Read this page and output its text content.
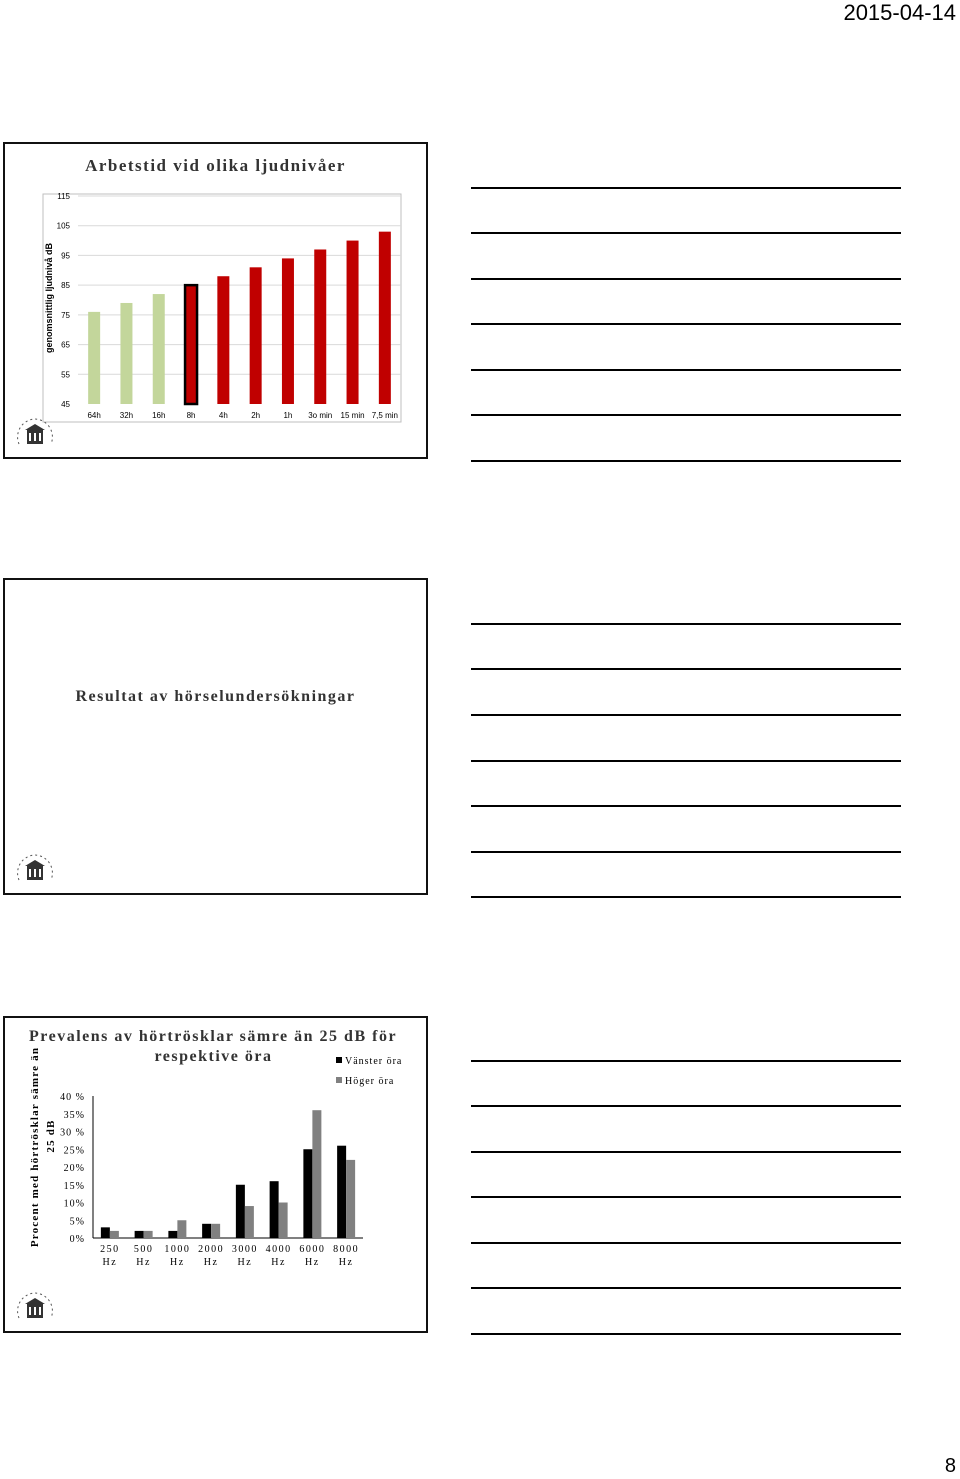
2015-04-14
Arbetstid vid olika ljudnivåer
115
105
95
85
75
65
55
45
genomsnittlig ljudnivå dB
64h 32h 16h	8h	4h	2h	1h 3o min 15 min 7,5 min
Resultat av hörselundersökningar
Prevalens av hörtrösklar sämre än 25 dB för
respektive öra
40 %
35%
30 %
25%
20%
15%
10%
5%
0%
Procent med hörtrösklar sämre än 25 dB
250
Hz
500
Hz
1000
Hz
2000
Hz
3000
Hz
4000
Hz
6000
Hz
8000
Hz
Vänster öra
Höger öra
8
